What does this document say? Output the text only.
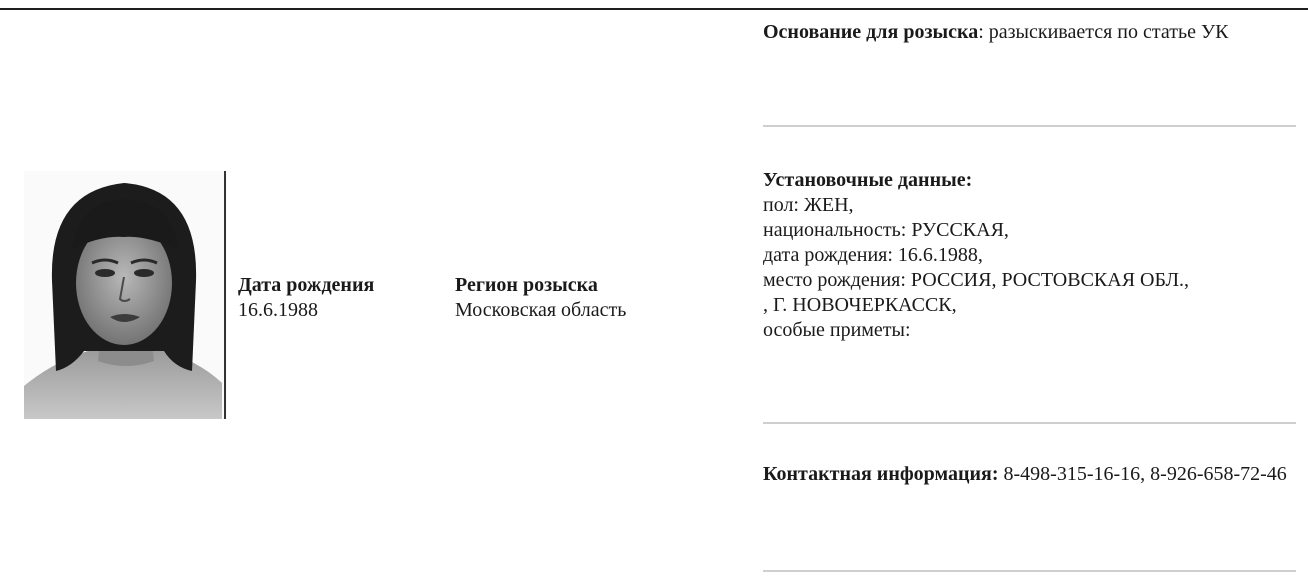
Дата рождения
16.6.1988
Регион розыска
Московская область
Основание для розыска: разыскивается по статье УК
Установочные данные:
пол: ЖЕН,
национальность: РУССКАЯ,
дата рождения: 16.6.1988,
место рождения: РОССИЯ, РОСТОВСКАЯ ОБЛ.,
, Г. НОВОЧЕРКАССК,
особые приметы:
Контактная информация: 8-498-315-16-16, 8-926-658-72-46
